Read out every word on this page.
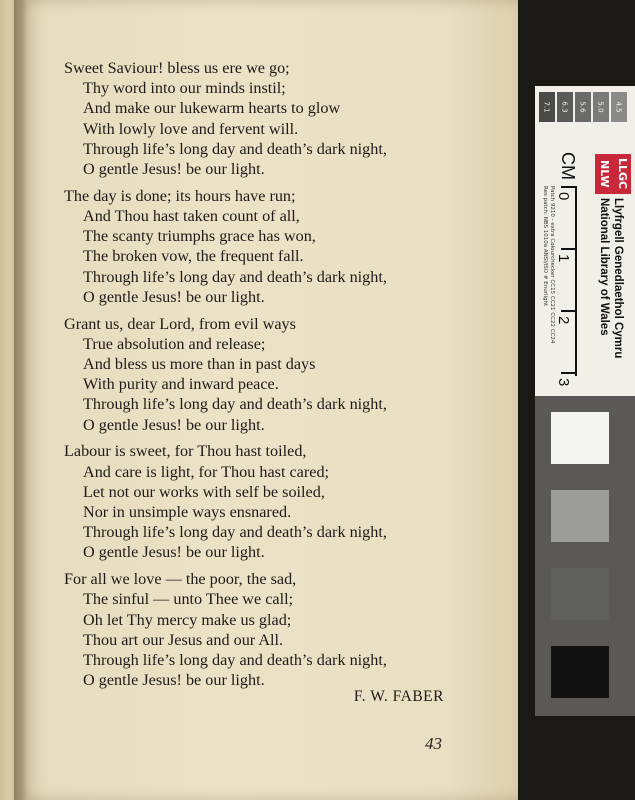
Sweet Saviour! bless us ere we go;
Thy word into our minds instil;
And make our lukewarm hearts to glow
With lowly love and fervent will.
Through life’s long day and death’s dark night,
O gentle Jesus! be our light.
The day is done; its hours have run;
And Thou hast taken count of all,
The scanty triumphs grace has won,
The broken vow, the frequent fall.
Through life’s long day and death’s dark night,
O gentle Jesus! be our light.
Grant us, dear Lord, from evil ways
True absolution and release;
And bless us more than in past days
With purity and inward peace.
Through life’s long day and death’s dark night,
O gentle Jesus! be our light.
Labour is sweet, for Thou hast toiled,
And care is light, for Thou hast cared;
Let not our works with self be soiled,
Nor in unsimple ways ensnared.
Through life’s long day and death’s dark night,
O gentle Jesus! be our light.
For all we love — the poor, the sad,
The sinful — unto Thee we call;
Oh let Thy mercy make us glad;
Thou art our Jesus and our All.
Through life’s long day and death’s dark night,
O gentle Jesus! be our light.
F. W. FABER
43
7.1	6.3	5.6	5.0	4.5
CM
0
1
2
3
Patch 9210 - extra Colourchecker CC15 CC21 CC22 CC24
Res patch: NBS 1010a ANSI/ISO # Enurlight
LLGC
NLW
Llyfrgell Genedlaethol Cymru
National Library of Wales
